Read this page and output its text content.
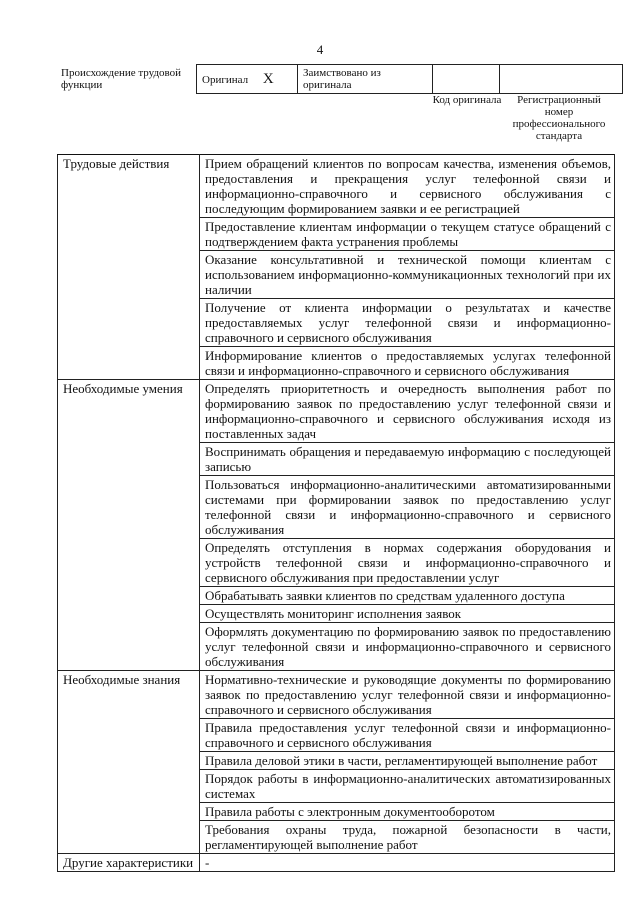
4
Происхождение трудовой функции	Оригинал X	Заимствовано из оригинала		
Код оригинала	Регистрационный номер профессионального стандарта
Трудовые действия	Прием обращений клиентов по вопросам качества, изменения объемов, предоставления и прекращения услуг телефонной связи и информационно-справочного и сервисного обслуживания с последующим формированием заявки и ее регистрацией
	Предоставление клиентам информации о текущем статусе обращений с подтверждением факта устранения проблемы
	Оказание консультативной и технической помощи клиентам с использованием информационно-коммуникационных технологий при их наличии
	Получение от клиента информации о результатах и качестве предоставляемых услуг телефонной связи и информационно-справочного и сервисного обслуживания
	Информирование клиентов о предоставляемых услугах телефонной связи и информационно-справочного и сервисного обслуживания
Необходимые умения	Определять приоритетность и очередность выполнения работ по формированию заявок по предоставлению услуг телефонной связи и информационно-справочного и сервисного обслуживания исходя из поставленных задач
	Воспринимать обращения и передаваемую информацию с последующей записью
	Пользоваться информационно-аналитическими автоматизированными системами при формировании заявок по предоставлению услуг телефонной связи и информационно-справочного и сервисного обслуживания
	Определять отступления в нормах содержания оборудования и устройств телефонной связи и информационно-справочного и сервисного обслуживания при предоставлении услуг
	Обрабатывать заявки клиентов по средствам удаленного доступа
	Осуществлять мониторинг исполнения заявок
	Оформлять документацию по формированию заявок по предоставлению услуг телефонной связи и информационно-справочного и сервисного обслуживания
Необходимые знания	Нормативно-технические и руководящие документы по формированию заявок по предоставлению услуг телефонной связи и информационно-справочного и сервисного обслуживания
	Правила предоставления услуг телефонной связи и информационно-справочного и сервисного обслуживания
	Правила деловой этики в части, регламентирующей выполнение работ
	Порядок работы в информационно-аналитических автоматизированных системах
	Правила работы с электронным документооборотом
	Требования охраны труда, пожарной безопасности в части, регламентирующей выполнение работ
Другие характеристики	-
